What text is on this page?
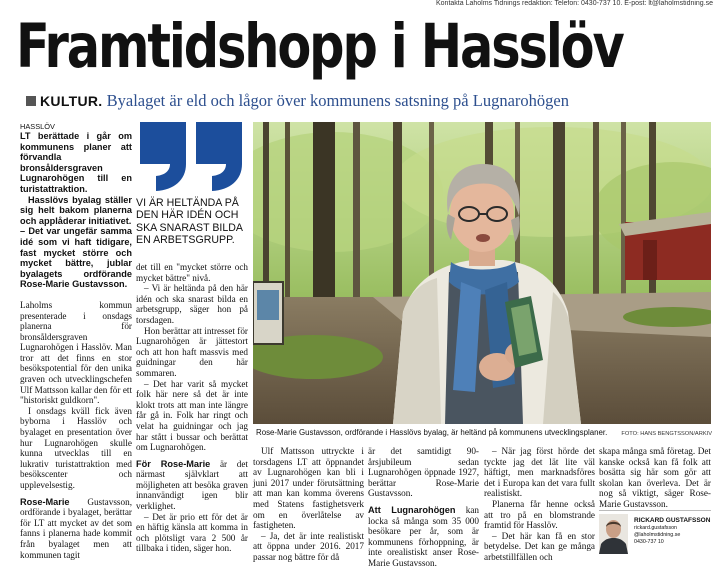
Kontakta Laholms Tidnings redaktion: Telefon: 0430-737 10. E-post: lt@laholmstidning.se
Framtidshopp i Hasslöv
KULTUR. Byalaget är eld och lågor över kommunens satsning på Lugnarohögen

HASSLÖV

LT berättade i går om kommunens planer att förvandla bronsåldersgraven Lugnarohögen till en turistattraktion.

Hasslövs byalag ställer sig helt bakom planerna och applåderar initiativet.

– Det var ungefär samma idé som vi haft tidigare, fast mycket större och mycket bättre, jublar byalagets ordförande Rose-Marie Gustavsson.

Laholms kommun presenterade i onsdags planerna för bronsåldersgraven Lugnarohögen i Hasslöv. Man tror att det finns en stor besökspotential för den unika graven och utvecklingschefen Ulf Mattsson kallar den för ett "historiskt guldkorn".

I onsdags kväll fick även byborna i Hasslöv och byalaget en presentation över hur Lugnarohögen skulle kunna utvecklas till en lukrativ turistattraktion med besökscenter och upplevelsestig.

Rose-Marie Gustavsson, ordförande i byalaget, berättar för LT att mycket av det som fanns i planerna hade kommit från byalaget men att kommunen tagit

VI ÄR HELTÄNDA PÅ DEN HÄR IDÉN OCH SKA SNARAST BILDA EN ARBETSGRUPP.

det till en "mycket större och mycket bättre" nivå.

– Vi är heltända på den här idén och ska snarast bilda en arbetsgrupp, säger hon på torsdagen.

Hon berättar att intresset för Lugnarohögen är jättestort och att hon haft massvis med guidningar den här sommaren.

– Det har varit så mycket folk här nere så det är inte klokt trots att man inte längre får gå in. Folk har ringt och velat ha guidningar och jag har stått i bussar och berättat om Lugnarohögen.

För Rose-Marie är det närmast självklart att möjligheten att besöka graven innanvändigt igen blir verklighet.

– Det är prio ett för det är en häftig känsla att komma in och plötsligt vara 2 500 år tillbaka i tiden, säger hon.

Rose-Marie Gustavsson, ordförande i Hasslövs byalag, är heltänd på kommunens utvecklingsplaner. FOTO: HANS BENGTSSON/ARKIV

Ulf Mattsson uttryckte i torsdagens LT att öppnandet av Lugnarohögen kan bli i juni 2017 under förutsättning att man kan komma överens med Statens fastighetsverk om en överlåtelse av fastigheten.

– Ja, det är inte realistiskt att öppna under 2016. 2017 passar nog bättre för då

är det samtidigt 90-årsjubileum sedan Lugnarohögen öppnade 1927, berättar Rose-Marie Gustavsson.

Att Lugnarohögen kan locka så många som 35 000 besökare per år, som är kommunens förhoppning, är inte orealistiskt anser Rose-Marie Gustavsson.

– När jag först hörde det tyckte jag det lät lite väl häftigt, men marknadsföres det i Europa kan det vara fullt realistiskt.

Planerna får henne också att tro på en blomstrande framtid för Hasslöv.

– Det här kan få en stor betydelse. Det kan ge många arbetstillfällen och

skapa många små företag. Det kanske också kan få folk att bosätta sig här som gör att skolan kan överleva. Det är nog så viktigt, säger Rose-Marie Gustavsson.

RICKARD GUSTAFSSON
rickard.gustafsson
@laholmstidning.se
0430-737 10
